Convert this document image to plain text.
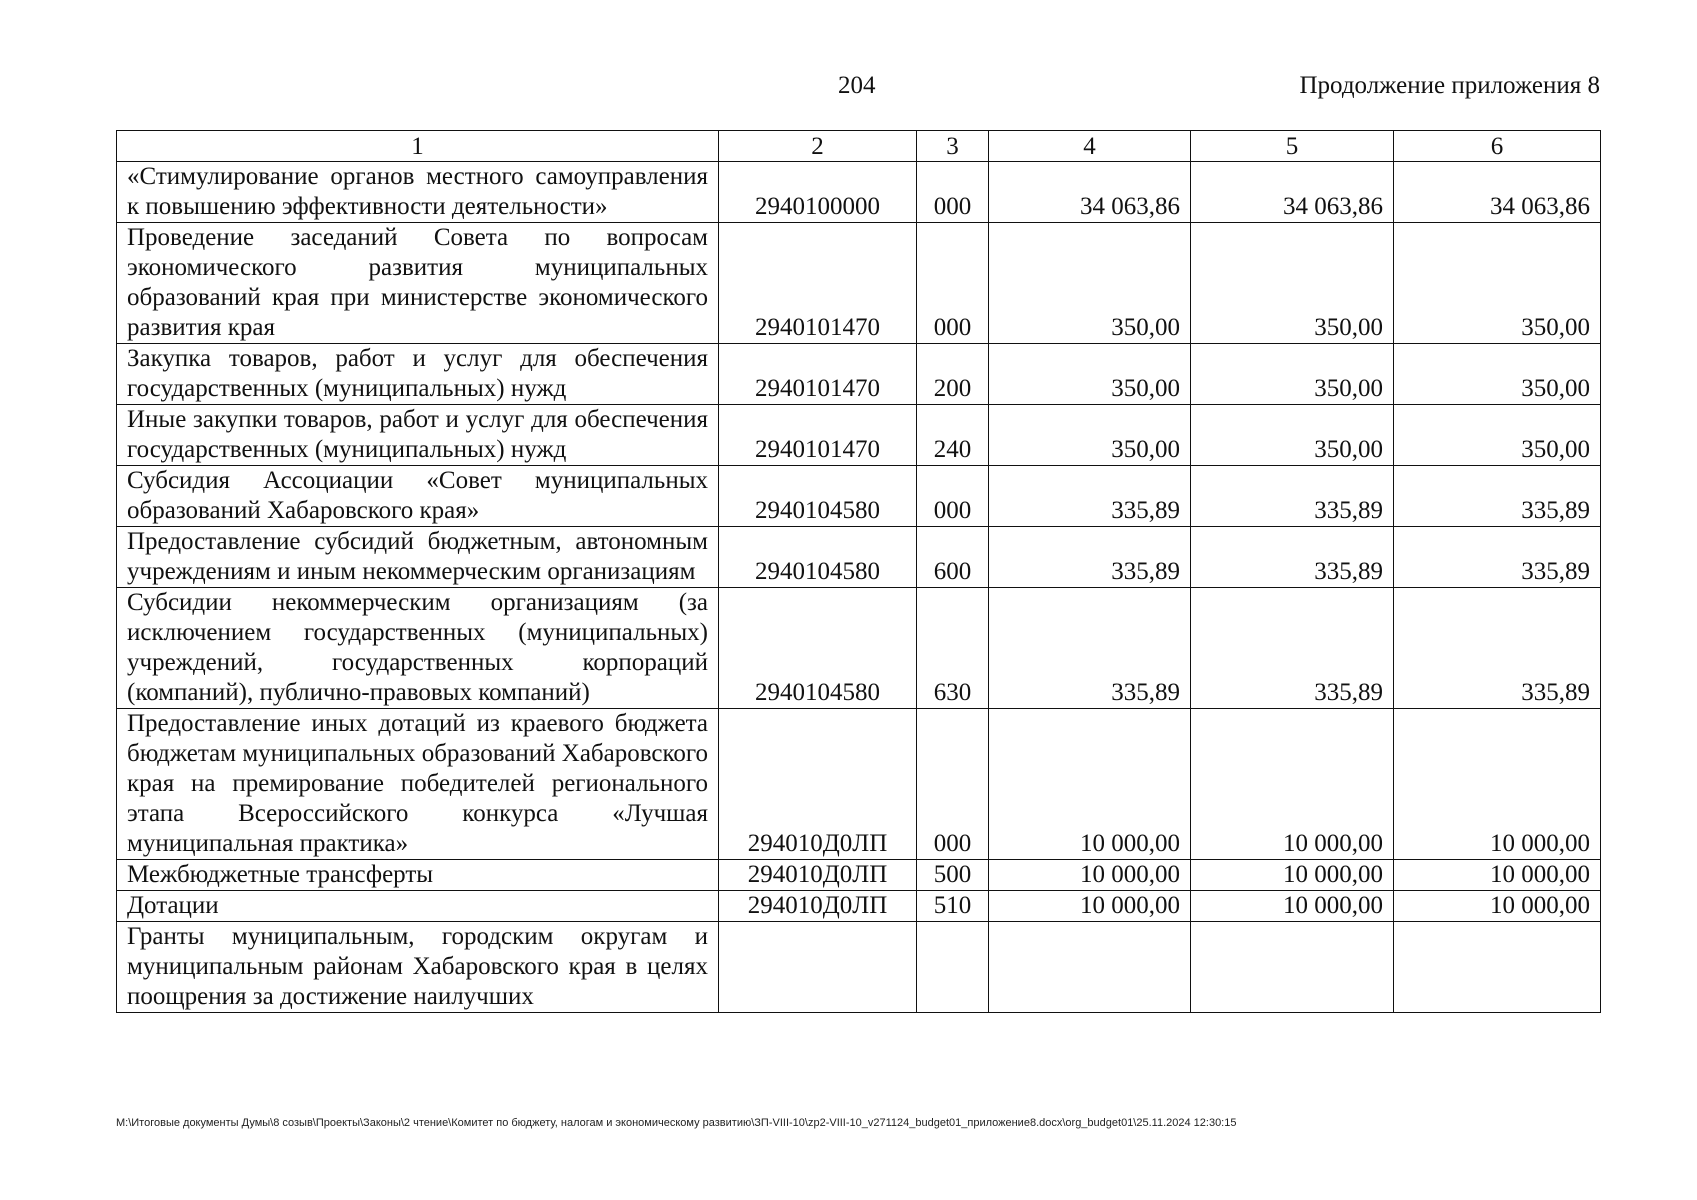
204	Продолжение приложения 8
1	2	3	4	5	6
«Стимулирование органов местного самоуправления к повышению эффективности деятельности»	2940100000	000	34 063,86	34 063,86	34 063,86
Проведение заседаний Совета по вопросам экономического развития муниципальных образований края при министерстве экономического развития края	2940101470	000	350,00	350,00	350,00
Закупка товаров, работ и услуг для обеспечения государственных (муниципальных) нужд	2940101470	200	350,00	350,00	350,00
Иные закупки товаров, работ и услуг для обеспечения государственных (муниципальных) нужд	2940101470	240	350,00	350,00	350,00
Субсидия Ассоциации «Совет муниципальных образований Хабаровского края»	2940104580	000	335,89	335,89	335,89
Предоставление субсидий бюджетным, автономным учреждениям и иным некоммерческим организациям	2940104580	600	335,89	335,89	335,89
Субсидии некоммерческим организациям (за исключением государственных (муниципальных) учреждений, государственных корпораций (компаний), публично-правовых компаний)	2940104580	630	335,89	335,89	335,89
Предоставление иных дотаций из краевого бюджета бюджетам муниципальных образований Хабаровского края на премирование победителей регионального этапа Всероссийского конкурса «Лучшая муниципальная практика»	294010Д0ЛП	000	10 000,00	10 000,00	10 000,00
Межбюджетные трансферты	294010Д0ЛП	500	10 000,00	10 000,00	10 000,00
Дотации	294010Д0ЛП	510	10 000,00	10 000,00	10 000,00
Гранты муниципальным, городским округам и муниципальным районам Хабаровского края в целях поощрения за достижение наилучших					
M:\Итоговые документы Думы\8 созыв\Проекты\Законы\2 чтение\Комитет по бюджету, налогам и экономическому развитию\ЗП-VIII-10\zp2-VIII-10_v271124_budget01_приложение8.docx\org_budget01\25.11.2024 12:30:15
